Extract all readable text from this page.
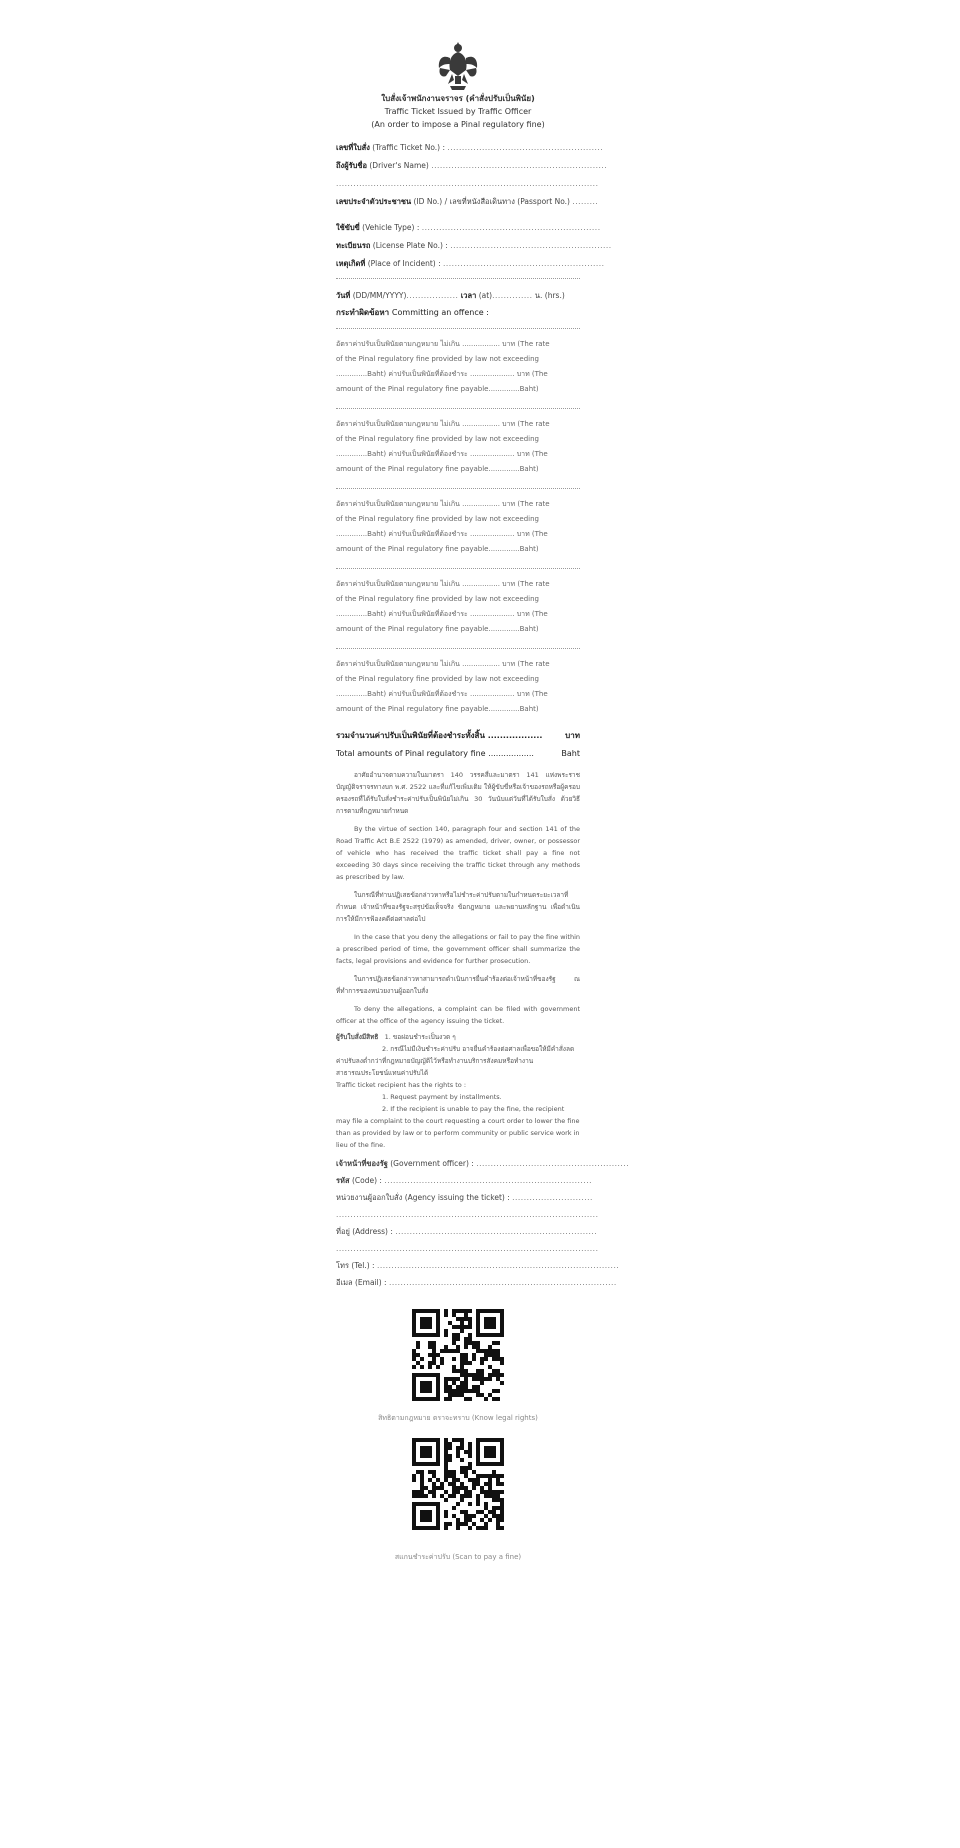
ใบสั่งเจ้าพนักงานจราจร (คำสั่งปรับเป็นพินัย)
Traffic Ticket Issued by Traffic Officer
(An order to impose a Pinal regulatory fine)
เลขที่ใบสั่ง (Traffic Ticket No.) : ......................................................
ถึงผู้รับชื่อ (Driver's Name) .............................................................
...........................................................................................
เลขประจำตัวประชาชน (ID No.) / เลขที่หนังสือเดินทาง (Passport No.) .........
ใช้ขับขี่ (Vehicle Type) : ..............................................................
ทะเบียนรถ (License Plate No.) : ........................................................
เหตุเกิดที่ (Place of Incident) : ........................................................
วันที่ (DD/MM/YYYY).................. เวลา (at).............. น. (hrs.)
กระทำผิดข้อหา Committing an offence :

อัตราค่าปรับเป็นพินัยตามกฎหมาย ไม่เกิน ................. บาท (The rate

of the Pinal regulatory fine provided by law not exceeding

..............Baht) ค่าปรับเป็นพินัยที่ต้องชำระ .................... บาท (The

amount of the Pinal regulatory fine payable..............Baht)

อัตราค่าปรับเป็นพินัยตามกฎหมาย ไม่เกิน ................. บาท (The rate

of the Pinal regulatory fine provided by law not exceeding

..............Baht) ค่าปรับเป็นพินัยที่ต้องชำระ .................... บาท (The

amount of the Pinal regulatory fine payable..............Baht)

อัตราค่าปรับเป็นพินัยตามกฎหมาย ไม่เกิน ................. บาท (The rate

of the Pinal regulatory fine provided by law not exceeding

..............Baht) ค่าปรับเป็นพินัยที่ต้องชำระ .................... บาท (The

amount of the Pinal regulatory fine payable..............Baht)

อัตราค่าปรับเป็นพินัยตามกฎหมาย ไม่เกิน ................. บาท (The rate

of the Pinal regulatory fine provided by law not exceeding

..............Baht) ค่าปรับเป็นพินัยที่ต้องชำระ .................... บาท (The

amount of the Pinal regulatory fine payable..............Baht)

อัตราค่าปรับเป็นพินัยตามกฎหมาย ไม่เกิน ................. บาท (The rate

of the Pinal regulatory fine provided by law not exceeding

..............Baht) ค่าปรับเป็นพินัยที่ต้องชำระ .................... บาท (The

amount of the Pinal regulatory fine payable..............Baht)

รวมจำนวนค่าปรับเป็นพินัยที่ต้องชำระทั้งสิ้น ..................	บาท
Total amounts of Pinal regulatory fine ..................	Baht

อาศัยอำนาจตามความในมาตรา 140 วรรคสี่และมาตรา 141 แห่งพระราชบัญญัติจราจรทางบก พ.ศ. 2522 และที่แก้ไขเพิ่มเติม ให้ผู้ขับขี่หรือเจ้าของรถหรือผู้ครอบครองรถที่ได้รับใบสั่งชำระค่าปรับเป็นพินัยไม่เกิน 30 วันนับแต่วันที่ได้รับใบสั่ง ด้วยวิธีการตามที่กฎหมายกำหนด

By the virtue of section 140, paragraph four and section 141 of the Road Traffic Act B.E 2522 (1979) as amended, driver, owner, or possessor of vehicle who has received the traffic ticket shall pay a fine not exceeding 30 days since receiving the traffic ticket through any methods as prescribed by law.

ในกรณีที่ท่านปฏิเสธข้อกล่าวหาหรือไม่ชำระค่าปรับตามในกำหนดระยะเวลาที่กำหนด เจ้าหน้าที่ของรัฐจะสรุปข้อเท็จจริง ข้อกฎหมาย และพยานหลักฐาน เพื่อดำเนินการให้มีการฟ้องคดีต่อศาลต่อไป

In the case that you deny the allegations or fail to pay the fine within a prescribed period of time, the government officer shall summarize the facts, legal provisions and evidence for further prosecution.

ในการปฏิเสธข้อกล่าวหาสามารถดำเนินการยื่นคำร้องต่อเจ้าหน้าที่ของรัฐ ณ ที่ทำการของหน่วยงานผู้ออกใบสั่ง

To deny the allegations, a complaint can be filed with government officer at the office of the agency issuing the ticket.

ผู้รับใบสั่งมีสิทธิ 1. ขอผ่อนชำระเป็นงวด ๆ

2. กรณีไม่มีเงินชำระค่าปรับ อาจยื่นคำร้องต่อศาลเพื่อขอให้มีคำสั่งลดค่าปรับลงต่ำกว่าที่กฎหมายบัญญัติไว้หรือทำงานบริการสังคมหรือทำงานสาธารณประโยชน์แทนค่าปรับได้

Traffic ticket recipient has the rights to :

1. Request payment by installments.

2. If the recipient is unable to pay the fine, the recipient may file a complaint to the court requesting a court order to lower the fine than as provided by law or to perform community or public service work in lieu of the fine.

เจ้าหน้าที่ของรัฐ (Government officer) : .....................................................
รหัส (Code) : ........................................................................
หน่วยงานผู้ออกใบสั่ง (Agency issuing the ticket) : ............................
...........................................................................................
ที่อยู่ (Address) : ......................................................................
...........................................................................................
โทร (Tel.) : ....................................................................................
อีเมล (Email) : ...............................................................................
สิทธิตามกฎหมาย ตราจะทราบ (Know legal rights)
สแกนชำระค่าปรับ (Scan to pay a fine)
